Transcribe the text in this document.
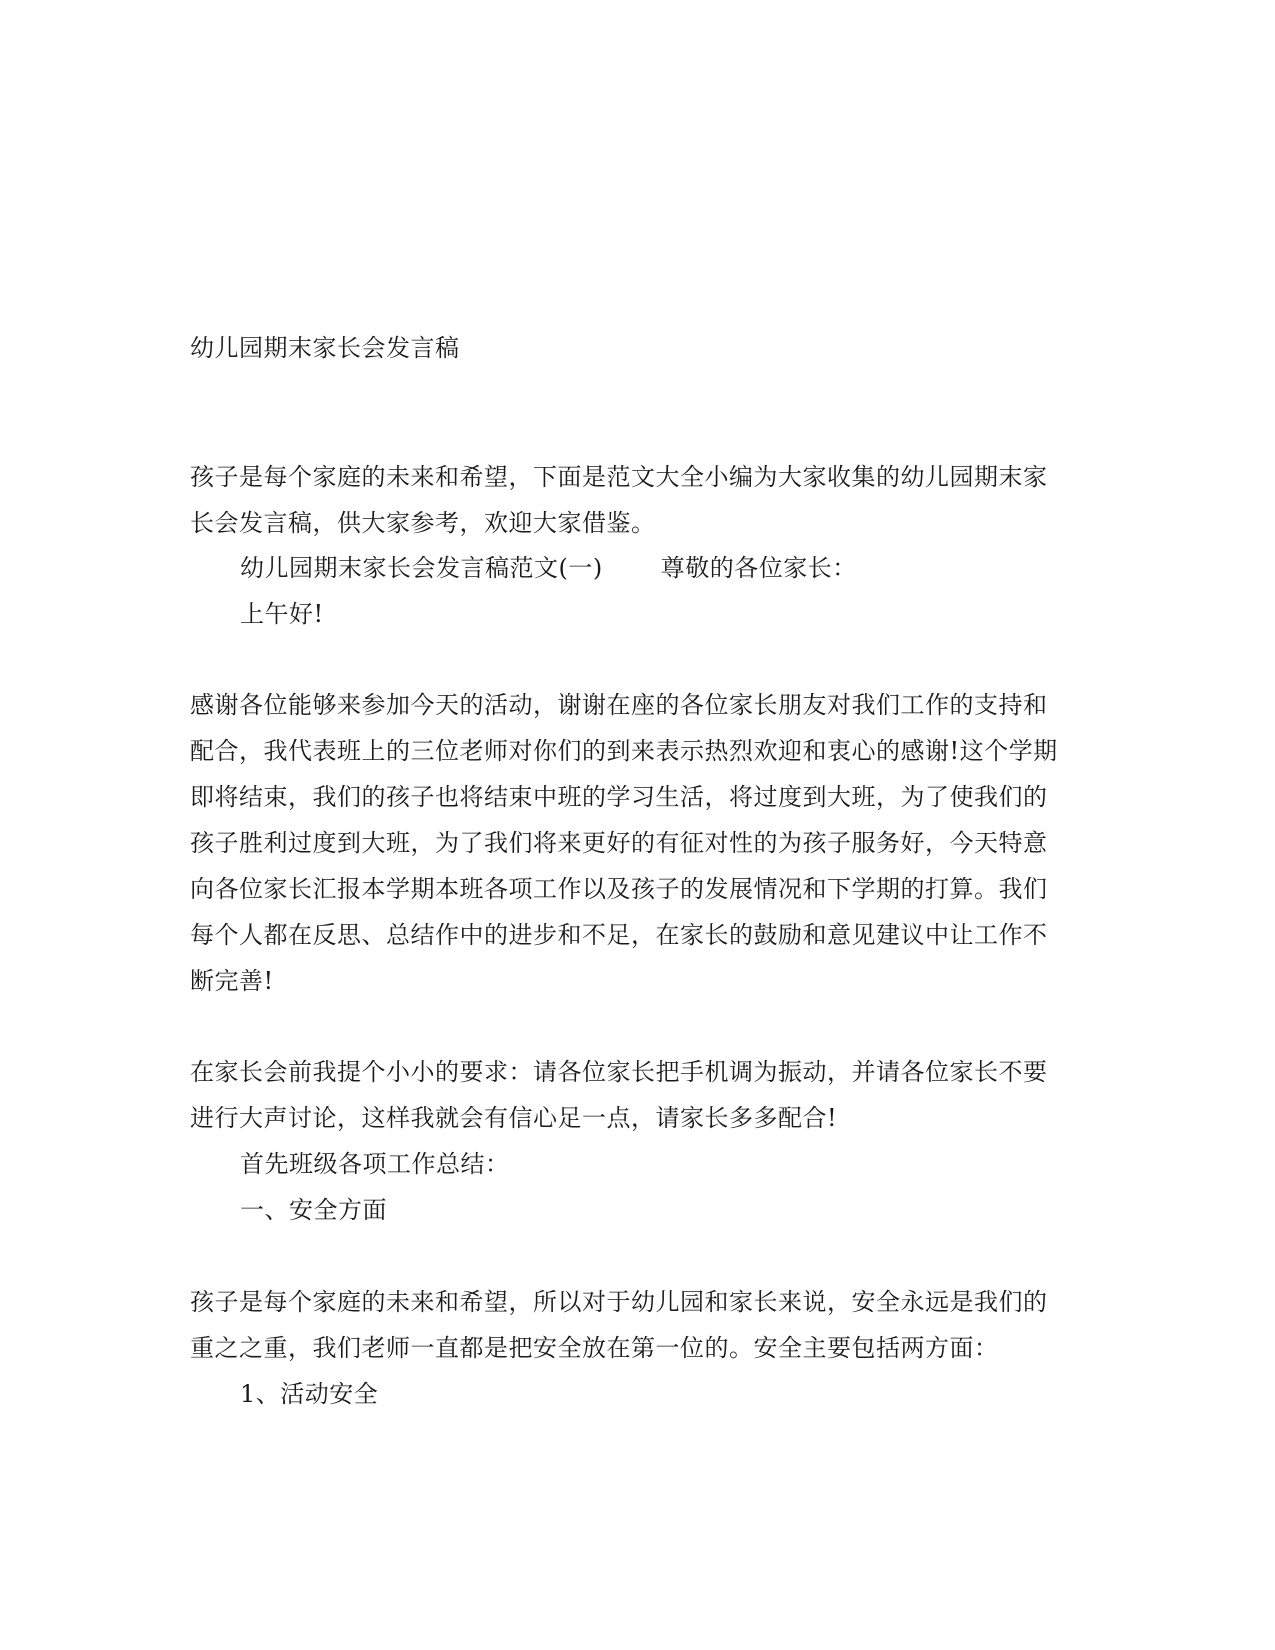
幼儿园期末家长会发言稿
孩子是每个家庭的未来和希望，下面是范文大全小编为大家收集的幼儿园期末家
长会发言稿，供大家参考，欢迎大家借鉴。
幼儿园期末家长会发言稿范文(一) 尊敬的各位家长：
上午好!
感谢各位能够来参加今天的活动，谢谢在座的各位家长朋友对我们工作的支持和
配合，我代表班上的三位老师对你们的到来表示热烈欢迎和衷心的感谢!这个学期
即将结束，我们的孩子也将结束中班的学习生活，将过度到大班，为了使我们的
孩子胜利过度到大班，为了我们将来更好的有征对性的为孩子服务好，今天特意
向各位家长汇报本学期本班各项工作以及孩子的发展情况和下学期的打算。我们
每个人都在反思、总结作中的进步和不足，在家长的鼓励和意见建议中让工作不
断完善!
在家长会前我提个小小的要求：请各位家长把手机调为振动，并请各位家长不要
进行大声讨论，这样我就会有信心足一点，请家长多多配合!
首先班级各项工作总结：
一、安全方面
孩子是每个家庭的未来和希望，所以对于幼儿园和家长来说，安全永远是我们的
重之之重，我们老师一直都是把安全放在第一位的。安全主要包括两方面：
1、活动安全
